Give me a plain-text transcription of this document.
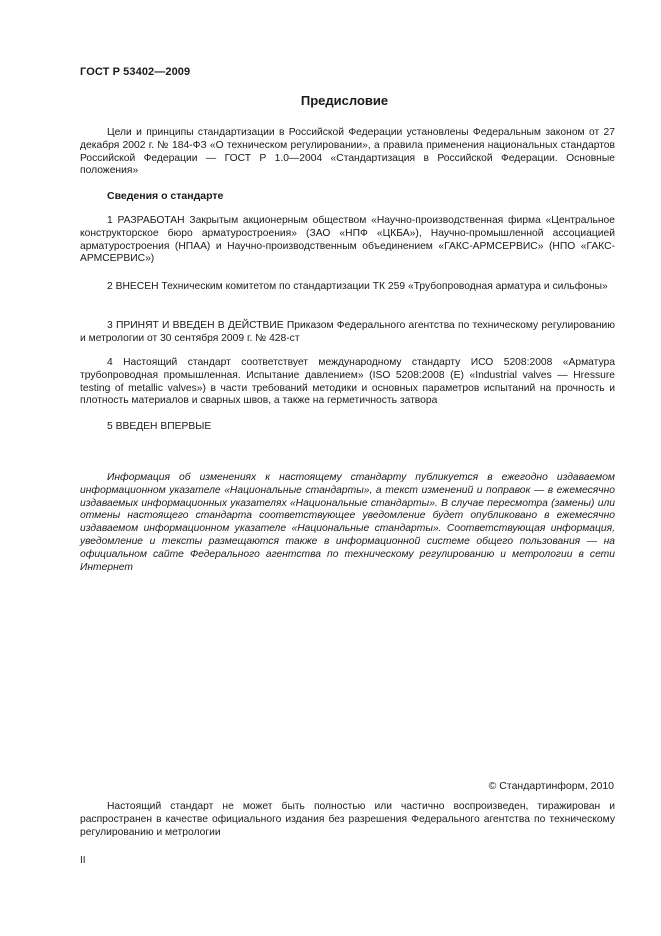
ГОСТ Р 53402—2009
Предисловие

Цели и принципы стандартизации в Российской Федерации установлены Федеральным законом от 27 декабря 2002 г. № 184-ФЗ «О техническом регулировании», а правила применения национальных стандартов Российской Федерации — ГОСТ Р 1.0—2004 «Стандартизация в Российской Федерации. Основные положения»

Сведения о стандарте

1 РАЗРАБОТАН Закрытым акционерным обществом «Научно-производственная фирма «Центральное конструкторское бюро арматуростроения» (ЗАО «НПФ «ЦКБА»), Научно-промышленной ассоциацией арматуростроения (НПАА) и Научно-производственным объединением «ГАКС-АРМСЕРВИС» (НПО «ГАКС-АРМСЕРВИС»)

2 ВНЕСЕН Техническим комитетом по стандартизации ТК 259 «Трубопроводная арматура и сильфоны»

3 ПРИНЯТ И ВВЕДЕН В ДЕЙСТВИЕ Приказом Федерального агентства по техническому регулированию и метрологии от 30 сентября 2009 г. № 428-ст

4 Настоящий стандарт соответствует международному стандарту ИСО 5208:2008 «Арматура трубопроводная промышленная. Испытание давлением» (ISO 5208:2008 (E) «Industrial valves — Нressure testing of metallic valves») в части требований методики и основных параметров испытаний на прочность и плотность материалов и сварных швов, а также на герметичность затвора

5 ВВЕДЕН ВПЕРВЫЕ

Информация об изменениях к настоящему стандарту публикуется в ежегодно издаваемом информационном указателе «Национальные стандарты», а текст изменений и поправок — в ежемесячно издаваемых информационных указателях «Национальные стандарты». В случае пересмотра (замены) или отмены настоящего стандарта соответствующее уведомление будет опубликовано в ежемесячно издаваемом информационном указателе «Национальные стандарты». Соответствующая информация, уведомление и тексты размещаются также в информационной системе общего пользования — на официальном сайте Федерального агентства по техническому регулированию и метрологии в сети Интернет

© Стандартинформ, 2010

Настоящий стандарт не может быть полностью или частично воспроизведен, тиражирован и распространен в качестве официального издания без разрешения Федерального агентства по техническому регулированию и метрологии

II
